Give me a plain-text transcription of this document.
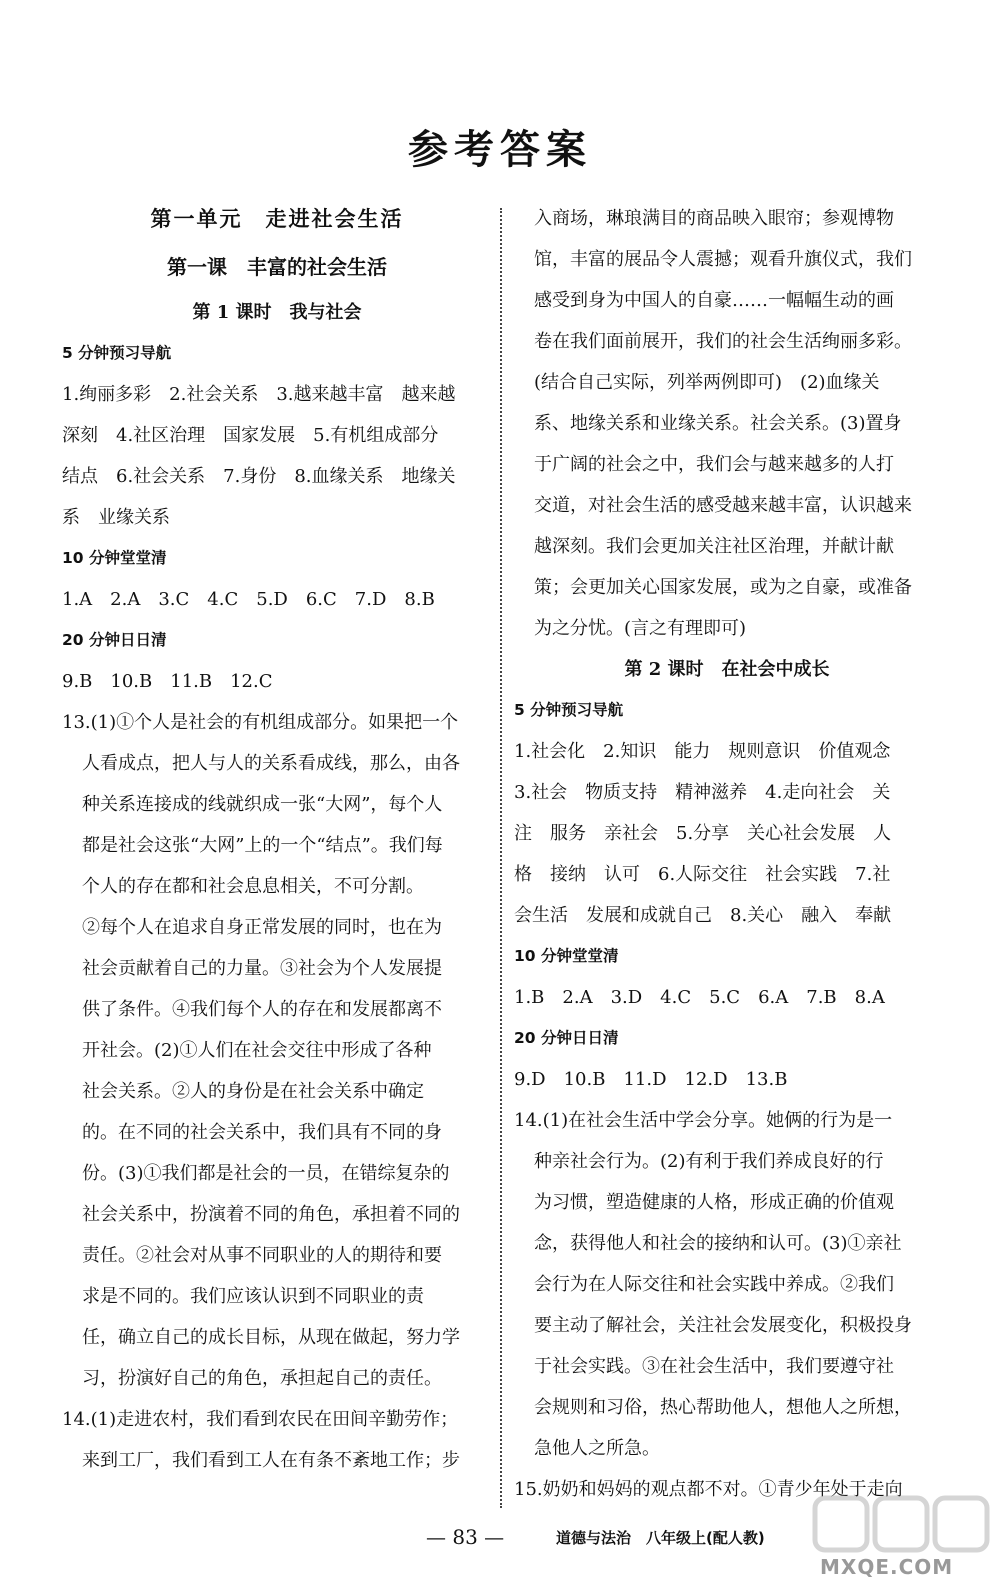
参考答案
第一单元　走进社会生活
第一课　丰富的社会生活
第 1 课时　我与社会
5 分钟预习导航
1.绚丽多彩　2.社会关系　3.越来越丰富　越来越
深刻　4.社区治理　国家发展　5.有机组成部分
结点　6.社会关系　7.身份　8.血缘关系　地缘关
系　业缘关系
10 分钟堂堂清
1.A　2.A　3.C　4.C　5.D　6.C　7.D　8.B
20 分钟日日清
9.B　10.B　11.B　12.C
13.(1)①个人是社会的有机组成部分。如果把一个
人看成点，把人与人的关系看成线，那么，由各
种关系连接成的线就织成一张“大网”，每个人
都是社会这张“大网”上的一个“结点”。我们每
个人的存在都和社会息息相关，不可分割。
②每个人在追求自身正常发展的同时，也在为
社会贡献着自己的力量。③社会为个人发展提
供了条件。④我们每个人的存在和发展都离不
开社会。(2)①人们在社会交往中形成了各种
社会关系。②人的身份是在社会关系中确定
的。在不同的社会关系中，我们具有不同的身
份。(3)①我们都是社会的一员，在错综复杂的
社会关系中，扮演着不同的角色，承担着不同的
责任。②社会对从事不同职业的人的期待和要
求是不同的。我们应该认识到不同职业的责
任，确立自己的成长目标，从现在做起，努力学
习，扮演好自己的角色，承担起自己的责任。
14.(1)走进农村，我们看到农民在田间辛勤劳作；
来到工厂，我们看到工人在有条不紊地工作；步
入商场，琳琅满目的商品映入眼帘；参观博物
馆，丰富的展品令人震撼；观看升旗仪式，我们
感受到身为中国人的自豪……一幅幅生动的画
卷在我们面前展开，我们的社会生活绚丽多彩。
(结合自己实际，列举两例即可)　(2)血缘关
系、地缘关系和业缘关系。社会关系。(3)置身
于广阔的社会之中，我们会与越来越多的人打
交道，对社会生活的感受越来越丰富，认识越来
越深刻。我们会更加关注社区治理，并献计献
策；会更加关心国家发展，或为之自豪，或准备
为之分忧。(言之有理即可)
第 2 课时　在社会中成长
5 分钟预习导航
1.社会化　2.知识　能力　规则意识　价值观念
3.社会　物质支持　精神滋养　4.走向社会　关
注　服务　亲社会　5.分享　关心社会发展　人
格　接纳　认可　6.人际交往　社会实践　7.社
会生活　发展和成就自己　8.关心　融入　奉献
10 分钟堂堂清
1.B　2.A　3.D　4.C　5.C　6.A　7.B　8.A
20 分钟日日清
9.D　10.B　11.D　12.D　13.B
14.(1)在社会生活中学会分享。她俩的行为是一
种亲社会行为。(2)有利于我们养成良好的行
为习惯，塑造健康的人格，形成正确的价值观
念，获得他人和社会的接纳和认可。(3)①亲社
会行为在人际交往和社会实践中养成。②我们
要主动了解社会，关注社会发展变化，积极投身
于社会实践。③在社会生活中，我们要遵守社
会规则和习俗，热心帮助他人，想他人之所想，
急他人之所急。
15.奶奶和妈妈的观点都不对。①青少年处于走向
— 83 —	道德与法治　八年级上(配人教)
MXQE.COM
